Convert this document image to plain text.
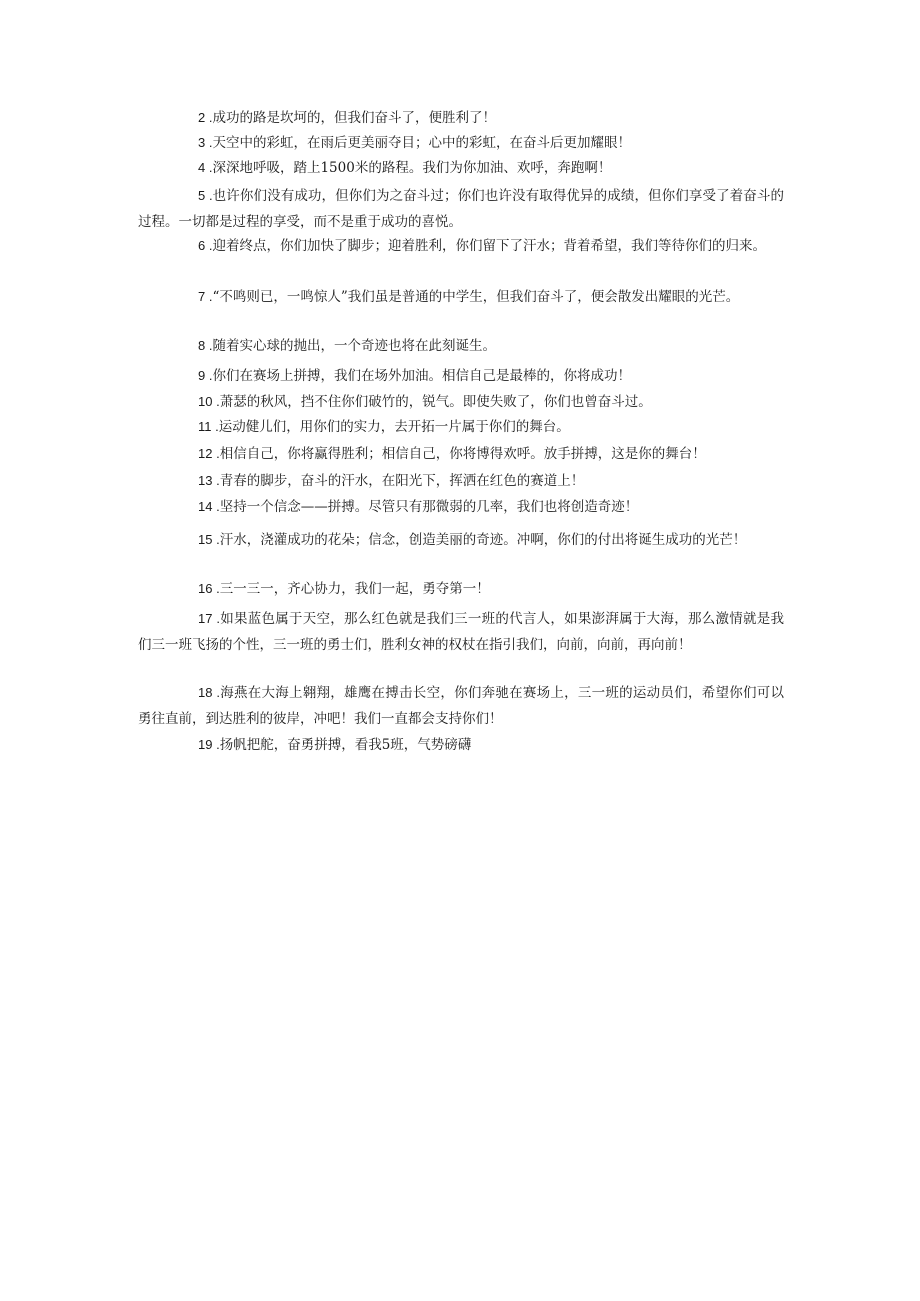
2 .成功的路是坎坷的，但我们奋斗了，便胜利了！

3 .天空中的彩虹，在雨后更美丽夺目；心中的彩虹，在奋斗后更加耀眼！

4 .深深地呼吸，踏上1500米的路程。我们为你加油、欢呼，奔跑啊！

5 .也许你们没有成功，但你们为之奋斗过；你们也许没有取得优异的成绩，但你们享受了着奋斗的过程。一切都是过程的享受，而不是重于成功的喜悦。

6 .迎着终点，你们加快了脚步；迎着胜利，你们留下了汗水；背着希望，我们等待你们的归来。

7 .“不鸣则已，一鸣惊人”我们虽是普通的中学生，但我们奋斗了，便会散发出耀眼的光芒。

8 .随着实心球的抛出，一个奇迹也将在此刻诞生。

9 .你们在赛场上拼搏，我们在场外加油。相信自己是最棒的，你将成功！

10 .萧瑟的秋风，挡不住你们破竹的，锐气。即使失败了，你们也曾奋斗过。

11 .运动健儿们，用你们的实力，去开拓一片属于你们的舞台。

12 .相信自己，你将赢得胜利；相信自己，你将博得欢呼。放手拼搏，这是你的舞台！

13 .青春的脚步，奋斗的汗水，在阳光下，挥洒在红色的赛道上！

14 .坚持一个信念——拼搏。尽管只有那微弱的几率，我们也将创造奇迹！

15 .汗水，浇灌成功的花朵；信念，创造美丽的奇迹。冲啊，你们的付出将诞生成功的光芒！

16 .三一三一，齐心协力，我们一起，勇夺第一！

17 .如果蓝色属于天空，那么红色就是我们三一班的代言人，如果澎湃属于大海，那么激情就是我们三一班飞扬的个性，三一班的勇士们，胜利女神的权杖在指引我们，向前，向前，再向前！

18 .海燕在大海上翱翔，雄鹰在搏击长空，你们奔驰在赛场上，三一班的运动员们，希望你们可以勇往直前，到达胜利的彼岸，冲吧！我们一直都会支持你们！

19 .扬帆把舵，奋勇拼搏，看我5班，气势磅礴
